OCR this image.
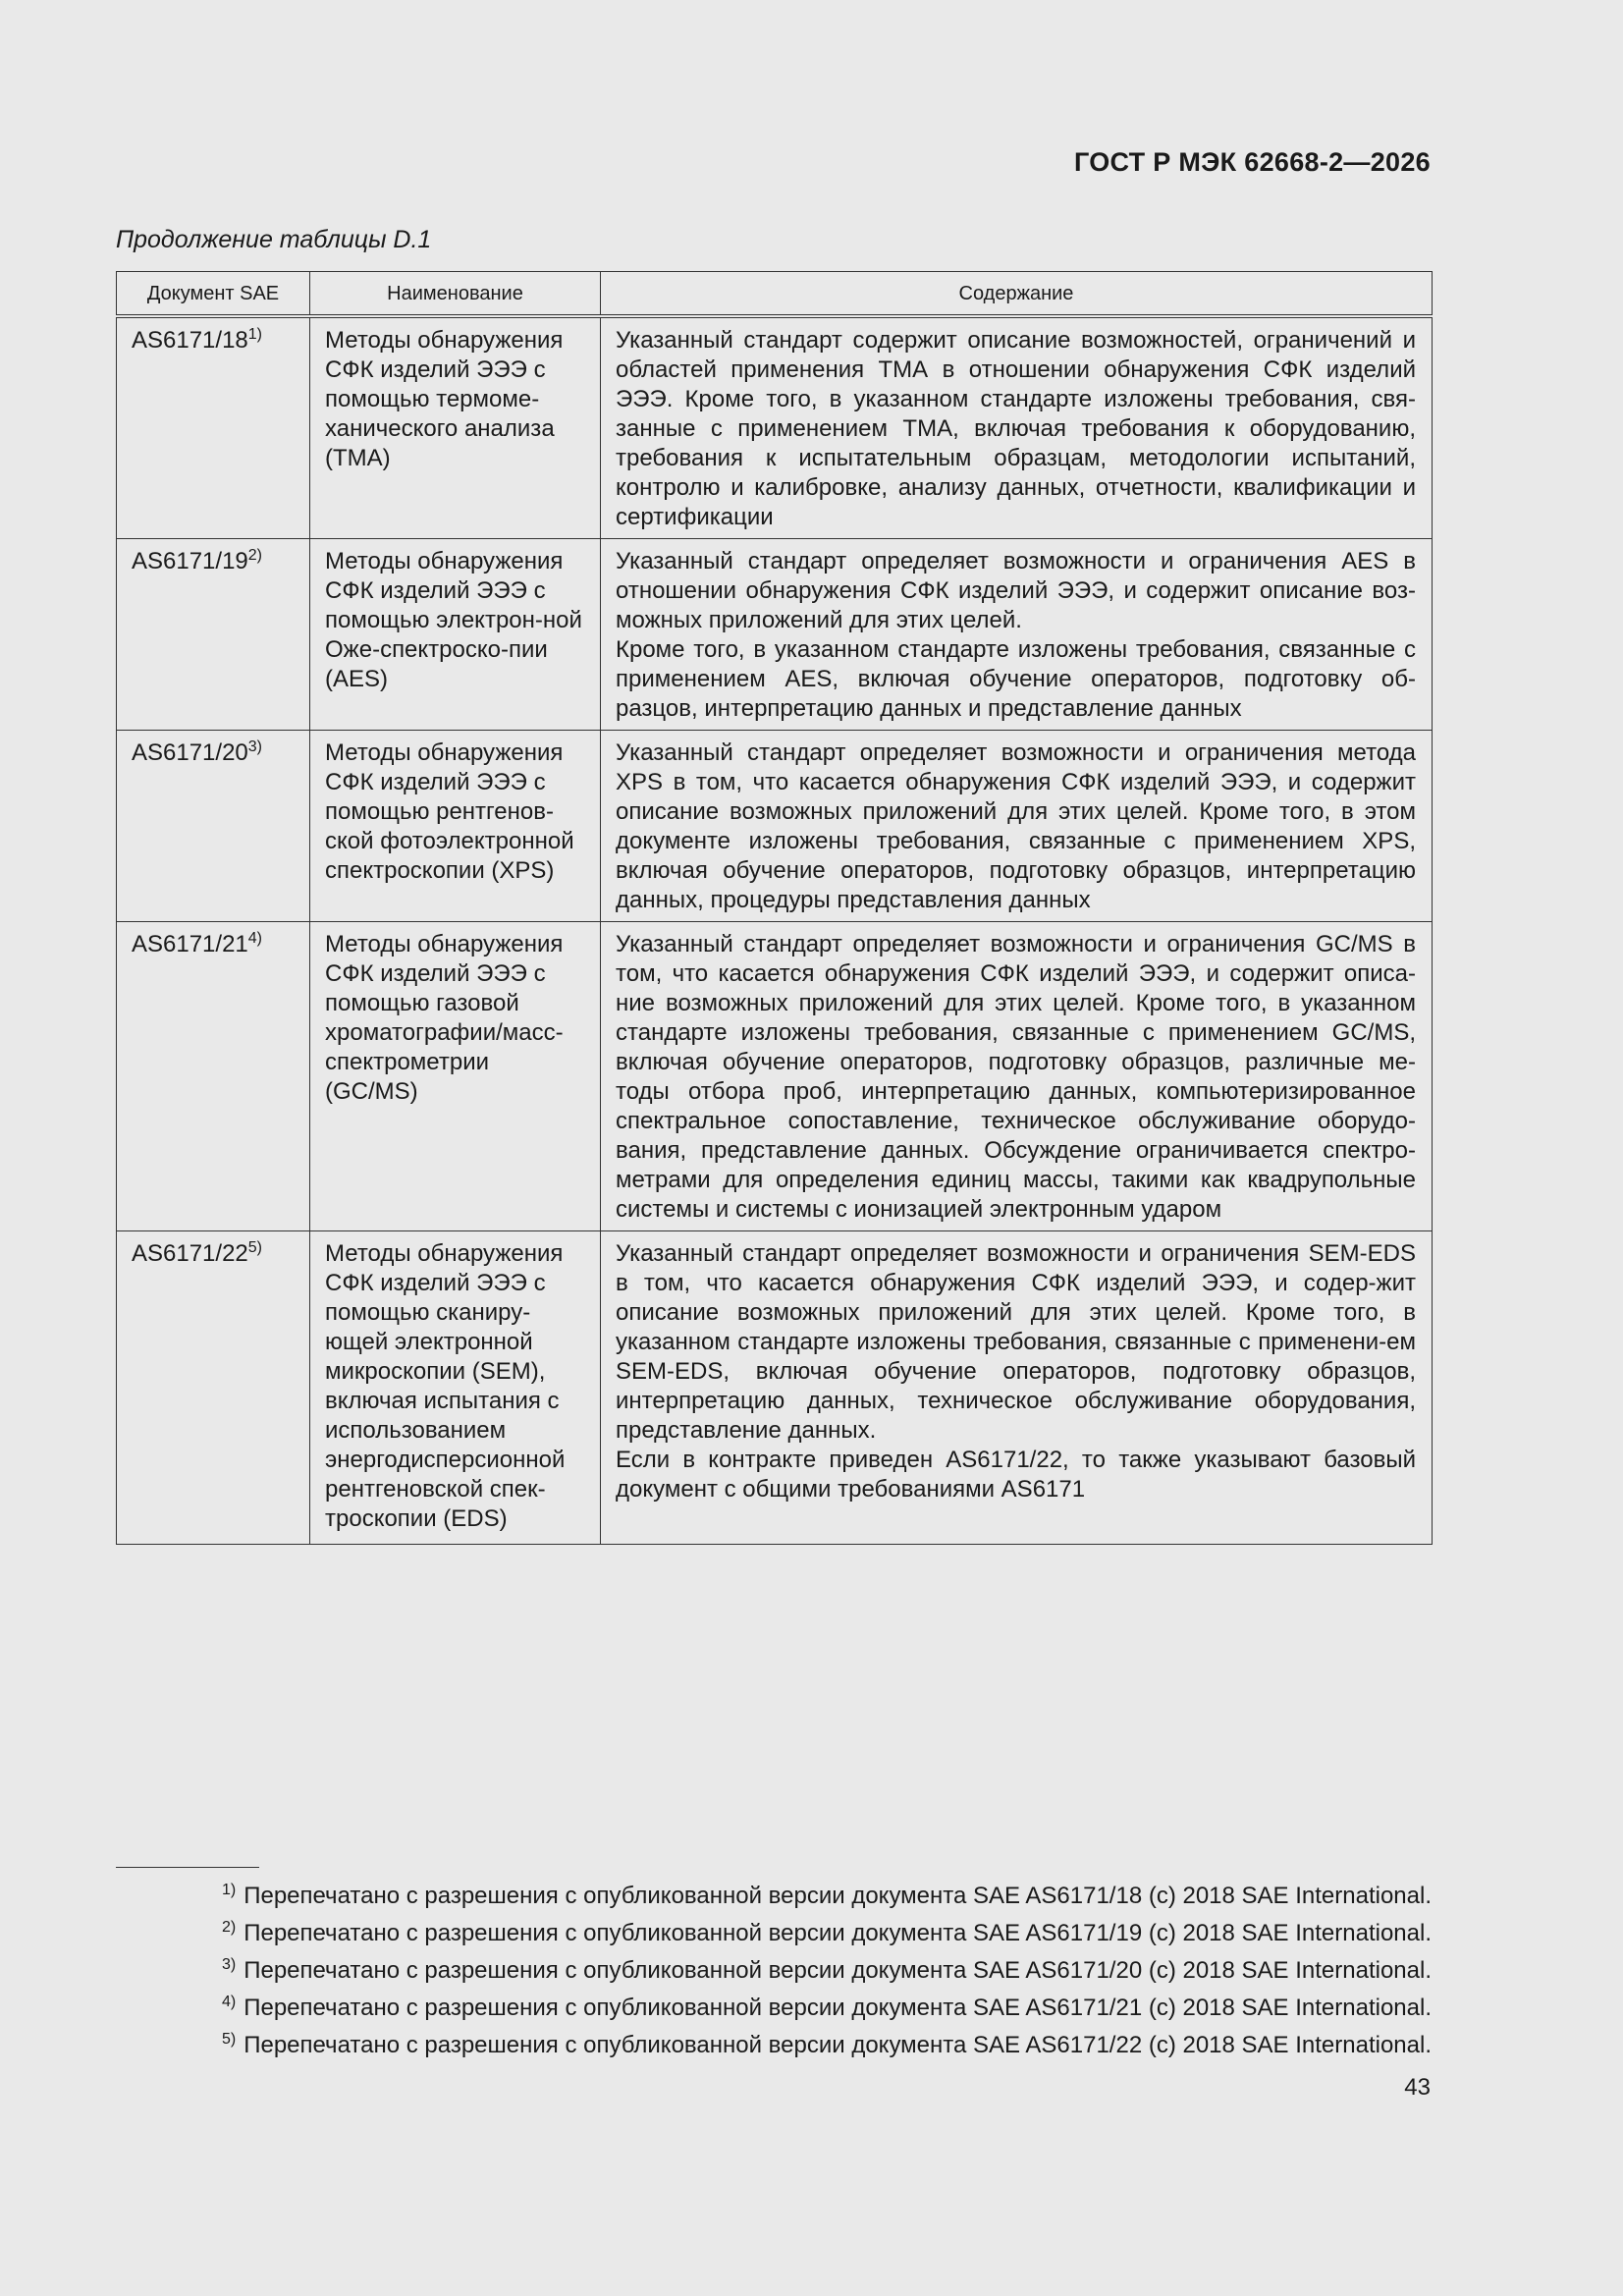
ГОСТ Р МЭК 62668-2—2026
Продолжение таблицы D.1
Документ SAE	Наименование	Содержание
AS6171/18$^{1)}$	Методы обнаружения СФК изделий ЭЭЭ с помощью термоме-ханического анализа (ТМА)	Указанный стандарт содержит описание возможностей, ограничений и областей применения ТМА в отношении обнаружения СФК изделий ЭЭЭ. Кроме того, в указанном стандарте изложены требования, свя-занные с применением ТМА, включая требования к оборудованию, требования к испытательным образцам, методологии испытаний, контролю и калибровке, анализу данных, отчетности, квалификации и сертификации

AS6171/19$^{2)}$	Методы обнаружения СФК изделий ЭЭЭ с помощью электрон-ной Оже-спектроско-пии (AES)	Указанный стандарт определяет возможности и ограничения AES в отношении обнаружения СФК изделий ЭЭЭ, и содержит описание воз-можных приложений для этих целей.

Кроме того, в указанном стандарте изложены требования, связанные с применением AES, включая обучение операторов, подготовку об-разцов, интерпретацию данных и представление данных

AS6171/20$^{3)}$	Методы обнаружения СФК изделий ЭЭЭ с помощью рентгенов-ской фотоэлектронной спектроскопии (XPS)	Указанный стандарт определяет возможности и ограничения метода XPS в том, что касается обнаружения СФК изделий ЭЭЭ, и содержит описание возможных приложений для этих целей. Кроме того, в этом документе изложены требования, связанные с применением XPS, включая обучение операторов, подготовку образцов, интерпретацию данных, процедуры представления данных

AS6171/21$^{4)}$	Методы обнаружения СФК изделий ЭЭЭ с помощью газовой хроматографии/масс-спектрометрии (GC/MS)	Указанный стандарт определяет возможности и ограничения GC/MS в том, что касается обнаружения СФК изделий ЭЭЭ, и содержит описа-ние возможных приложений для этих целей. Кроме того, в указанном стандарте изложены требования, связанные с применением GC/MS, включая обучение операторов, подготовку образцов, различные ме-тоды отбора проб, интерпретацию данных, компьютеризированное спектральное сопоставление, техническое обслуживание оборудо-вания, представление данных. Обсуждение ограничивается спектро-метрами для определения единиц массы, такими как квадрупольные системы и системы с ионизацией электронным ударом

AS6171/22$^{5)}$	Методы обнаружения СФК изделий ЭЭЭ с помощью сканиру-ющей электронной микроскопии (SEM), включая испытания с использованием энергодисперсионной рентгеновской спек-троскопии (EDS)	Указанный стандарт определяет возможности и ограничения SEM-EDS в том, что касается обнаружения СФК изделий ЭЭЭ, и содер-жит описание возможных приложений для этих целей. Кроме того, в указанном стандарте изложены требования, связанные с применени-ем SEM-EDS, включая обучение операторов, подготовку образцов, интерпретацию данных, техническое обслуживание оборудования, представление данных.

Если в контракте приведен AS6171/22, то также указывают базовый документ с общими требованиями AS6171

$^{1)}$ Перепечатано с разрешения с опубликованной версии документа SAE AS6171/18 (c) 2018 SAE International.
$^{2)}$ Перепечатано с разрешения с опубликованной версии документа SAE AS6171/19 (c) 2018 SAE International.
$^{3)}$ Перепечатано с разрешения с опубликованной версии документа SAE AS6171/20 (c) 2018 SAE International.
$^{4)}$ Перепечатано с разрешения с опубликованной версии документа SAE AS6171/21 (c) 2018 SAE International.
$^{5)}$ Перепечатано с разрешения с опубликованной версии документа SAE AS6171/22 (c) 2018 SAE International.
43
